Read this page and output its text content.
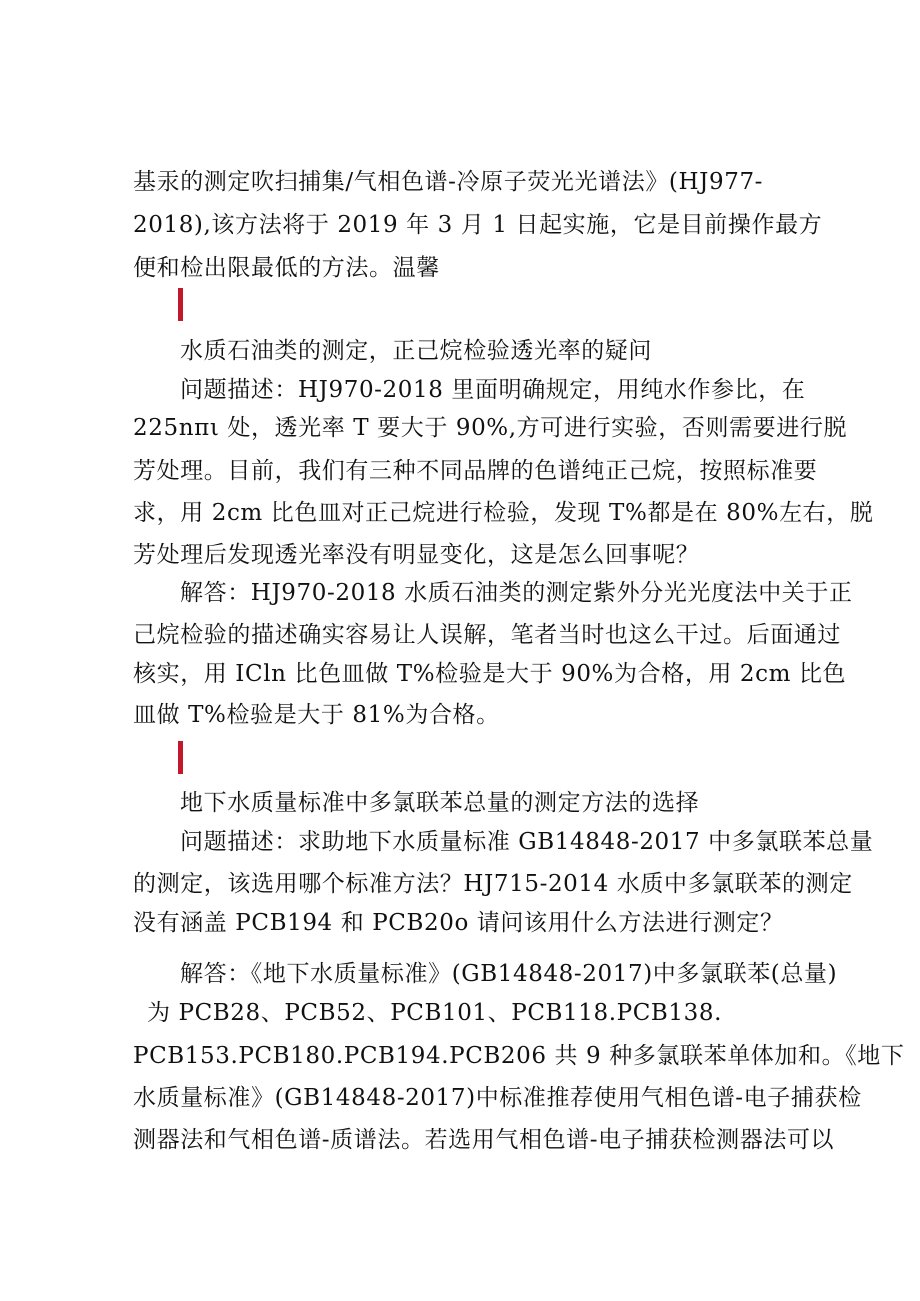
基汞的测定吹扫捕集/气相色谱-冷原子荧光光谱法》(HJ977-
2018),该方法将于 2019 年 3 月 1 日起实施，它是目前操作最方
便和检出限最低的方法。温馨
水质石油类的测定，正己烷检验透光率的疑问
问题描述：HJ970-2018 里面明确规定，用纯水作参比，在
225nπι 处，透光率 T 要大于 90%,方可进行实验，否则需要进行脱
芳处理。目前，我们有三种不同品牌的色谱纯正己烷，按照标准要
求，用 2cm 比色皿对正己烷进行检验，发现 T%都是在 80%左右，脱
芳处理后发现透光率没有明显变化，这是怎么回事呢？
解答：HJ970-2018 水质石油类的测定紫外分光光度法中关于正
己烷检验的描述确实容易让人误解，笔者当时也这么干过。后面通过
核实，用 ICln 比色皿做 T%检验是大于 90%为合格，用 2cm 比色
皿做 T%检验是大于 81%为合格。
地下水质量标准中多氯联苯总量的测定方法的选择
问题描述：求助地下水质量标准 GB14848-2017 中多氯联苯总量
的测定，该选用哪个标准方法？HJ715-2014 水质中多氯联苯的测定
没有涵盖 PCB194 和 PCB20o 请问该用什么方法进行测定？
解答：《地下水质量标准》(GB14848-2017)中多氯联苯(总量)
为 PCB28、PCB52、PCB101、PCB118.PCB138.
PCB153.PCB180.PCB194.PCB206 共 9 种多氯联苯单体加和。《地下
水质量标准》(GB14848-2017)中标准推荐使用气相色谱-电子捕获检
测器法和气相色谱-质谱法。若选用气相色谱-电子捕获检测器法可以
